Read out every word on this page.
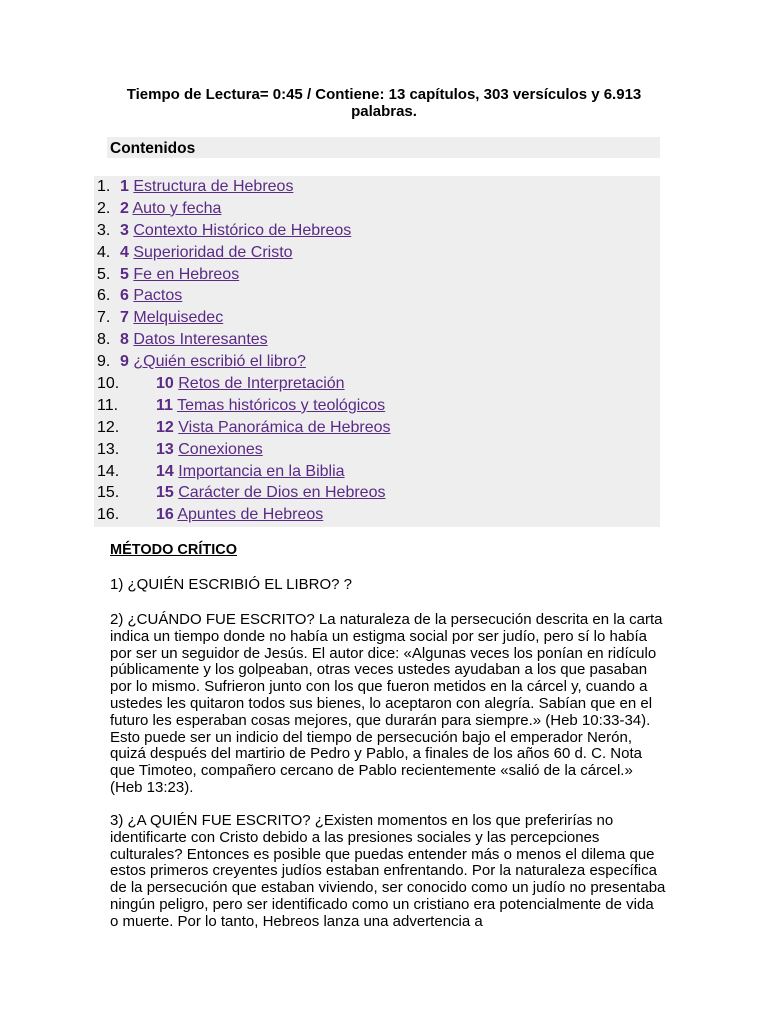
Tiempo de Lectura= 0:45 / Contiene: 13 capítulos, 303 versículos y 6.913
palabras.
Contenidos
1. 1 Estructura de Hebreos
2. 2 Auto y fecha
3. 3 Contexto Histórico de Hebreos
4. 4 Superioridad de Cristo
5. 5 Fe en Hebreos
6. 6 Pactos
7. 7 Melquisedec
8. 8 Datos Interesantes
9. 9 ¿Quién escribió el libro?
10. 10 Retos de Interpretación
11. 11 Temas históricos y teológicos
12. 12 Vista Panorámica de Hebreos
13. 13 Conexiones
14. 14 Importancia en la Biblia
15. 15 Carácter de Dios en Hebreos
16. 16 Apuntes de Hebreos
MÉTODO CRÍTICO

1) ¿QUIÉN ESCRIBIÓ EL LIBRO? ?

2) ¿CUÁNDO FUE ESCRITO? La naturaleza de la persecución descrita en la carta indica un tiempo donde no había un estigma social por ser judío, pero sí lo había por ser un seguidor de Jesús. El autor dice: «Algunas veces los ponían en ridículo públicamente y los golpeaban, otras veces ustedes ayudaban a los que pasaban por lo mismo. Sufrieron junto con los que fueron metidos en la cárcel y, cuando a ustedes les quitaron todos sus bienes, lo aceptaron con alegría. Sabían que en el futuro les esperaban cosas mejores, que durarán para siempre.» (Heb 10:33-34). Esto puede ser un indicio del tiempo de persecución bajo el emperador Nerón, quizá después del martirio de Pedro y Pablo, a finales de los años 60 d. C. Nota que Timoteo, compañero cercano de Pablo recientemente «salió de la cárcel.» (Heb 13:23).

3) ¿A QUIÉN FUE ESCRITO? ¿Existen momentos en los que preferirías no identificarte con Cristo debido a las presiones sociales y las percepciones culturales? Entonces es posible que puedas entender más o menos el dilema que estos primeros creyentes judíos estaban enfrentando. Por la naturaleza específica de la persecución que estaban viviendo, ser conocido como un judío no presentaba ningún peligro, pero ser identificado como un cristiano era potencialmente de vida o muerte. Por lo tanto, Hebreos lanza una advertencia a
